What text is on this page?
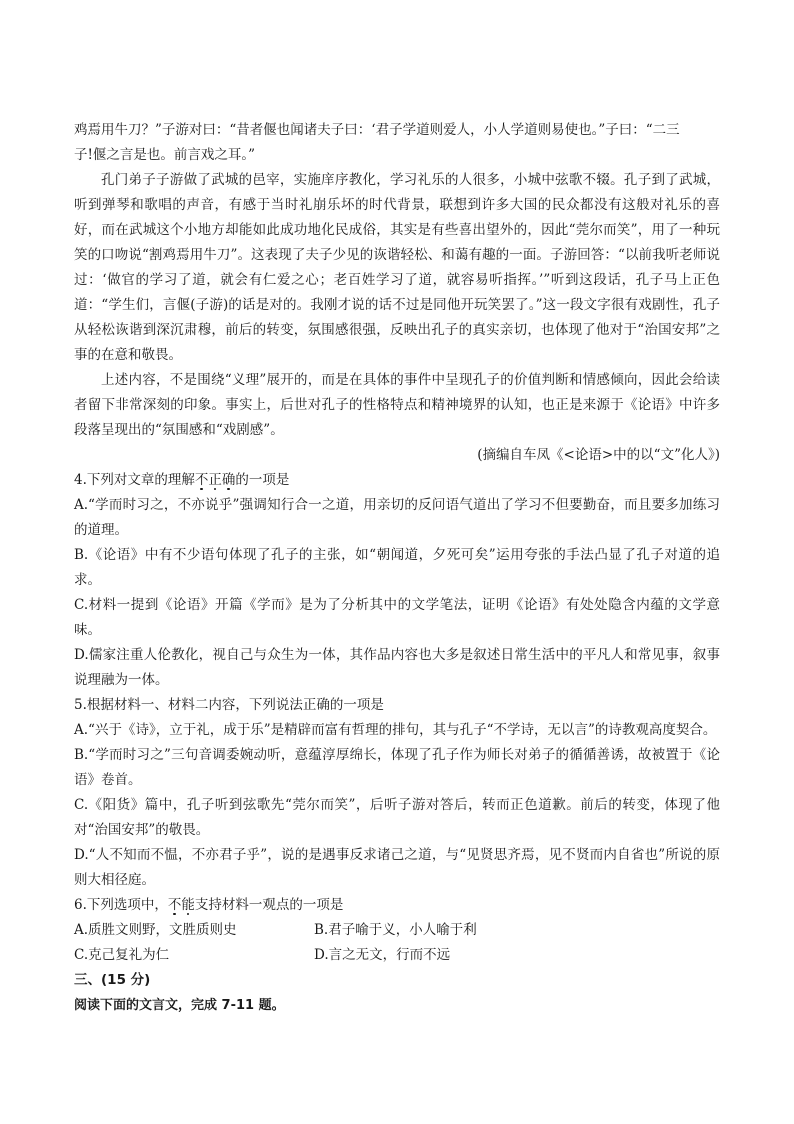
鸡焉用牛刀？”子游对曰：“昔者偃也闻诸夫子曰：‘君子学道则爱人，小人学道则易使也。”子曰：“二三

子!偃之言是也。前言戏之耳。”

孔门弟子子游做了武城的邑宰，实施庠序教化，学习礼乐的人很多，小城中弦歌不辍。孔子到了武城，听到弹琴和歌唱的声音，有感于当时礼崩乐坏的时代背景，联想到许多大国的民众都没有这般对礼乐的喜好，而在武城这个小地方却能如此成功地化民成俗，其实是有些喜出望外的，因此“莞尔而笑”，用了一种玩笑的口吻说“割鸡焉用牛刀”。这表现了夫子少见的诙谐轻松、和蔼有趣的一面。子游回答：“以前我听老师说过：‘做官的学习了道，就会有仁爱之心；老百姓学习了道，就容易听指挥。’”听到这段话，孔子马上正色道：“学生们，言偃(子游)的话是对的。我刚才说的话不过是同他开玩笑罢了。”这一段文字很有戏剧性，孔子从轻松诙谐到深沉肃穆，前后的转变，氛围感很强，反映出孔子的真实亲切，也体现了他对于“治国安邦”之事的在意和敬畏。

上述内容，不是围绕“义理”展开的，而是在具体的事件中呈现孔子的价值判断和情感倾向，因此会给读者留下非常深刻的印象。事实上，后世对孔子的性格特点和精神境界的认知，也正是来源于《论语》中许多段落呈现出的“氛围感和“戏剧感”。

(摘编自车凤《<论语>中的以“文”化人》)

4.下列对文章的理解不正确的一项是

A.“学而时习之，不亦说乎”强调知行合一之道，用亲切的反问语气道出了学习不但要勤奋，而且要多加练习的道理。

B.《论语》中有不少语句体现了孔子的主张，如“朝闻道，夕死可矣”运用夸张的手法凸显了孔子对道的追求。

C.材料一提到《论语》开篇《学而》是为了分析其中的文学笔法，证明《论语》有处处隐含内蕴的文学意味。

D.儒家注重人伦教化，视自己与众生为一体，其作品内容也大多是叙述日常生活中的平凡人和常见事，叙事说理融为一体。

5.根据材料一、材料二内容，下列说法正确的一项是

A.“兴于《诗》，立于礼，成于乐”是精辟而富有哲理的排句，其与孔子“不学诗，无以言”的诗教观高度契合。

B.“学而时习之”三句音调委婉动听，意蕴淳厚绵长，体现了孔子作为师长对弟子的循循善诱，故被置于《论语》卷首。

C.《阳货》篇中，孔子听到弦歌先“莞尔而笑”，后听子游对答后，转而正色道歉。前后的转变，体现了他对“治国安邦”的敬畏。

D.“人不知而不愠，不亦君子乎”，说的是遇事反求诸己之道，与“见贤思齐焉，见不贤而内自省也”所说的原则大相径庭。

6.下列选项中，不能支持材料一观点的一项是

A.质胜文则野，文胜质则史	B.君子喻于义，小人喻于利

C.克己复礼为仁	D.言之无文，行而不远

三、(15 分)

阅读下面的文言文，完成 7-11 题。
